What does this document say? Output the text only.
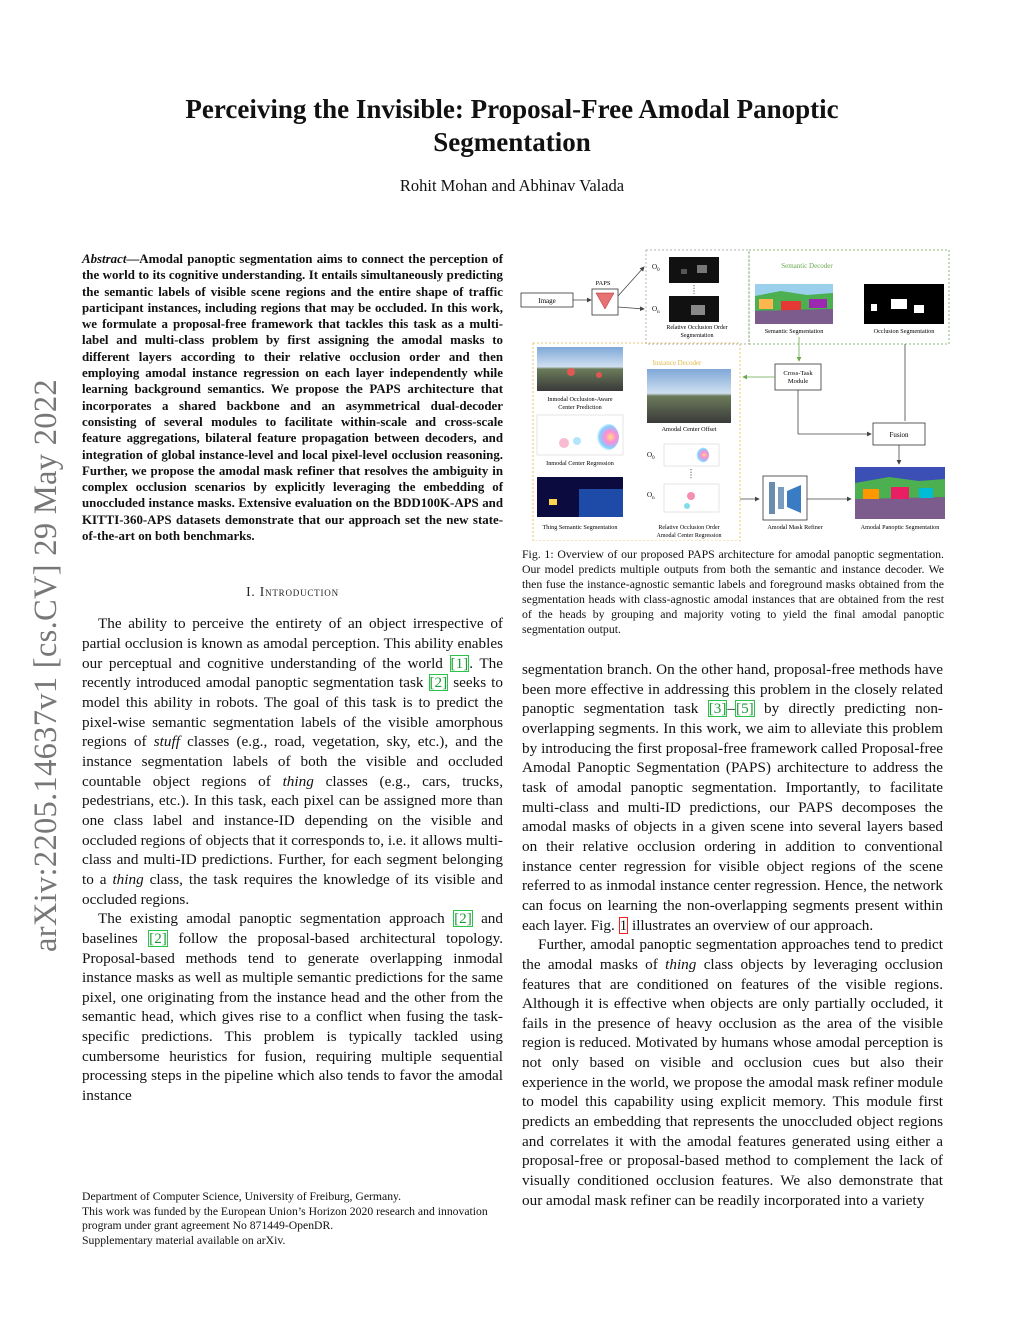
arXiv:2205.14637v1 [cs.CV] 29 May 2022
Perceiving the Invisible: Proposal-Free Amodal Panoptic
Segmentation

Rohit Mohan and Abhinav Valada

Abstract—Amodal panoptic segmentation aims to connect the perception of the world to its cognitive understanding. It entails simultaneously predicting the semantic labels of visible scene regions and the entire shape of traffic participant instances, including regions that may be occluded. In this work, we formulate a proposal-free framework that tackles this task as a multi-label and multi-class problem by first assigning the amodal masks to different layers according to their relative occlusion order and then employing amodal instance regression on each layer independently while learning background semantics. We propose the PAPS architecture that incorporates a shared backbone and an asymmetrical dual-decoder consisting of several modules to facilitate within-scale and cross-scale feature aggregations, bilateral feature propagation between decoders, and integration of global instance-level and local pixel-level occlusion reasoning. Further, we propose the amodal mask refiner that resolves the ambiguity in complex occlusion scenarios by explicitly leveraging the embedding of unoccluded instance masks. Extensive evaluation on the BDD100K-APS and KITTI-360-APS datasets demonstrate that our approach set the new state-of-the-art on both benchmarks.

I. Introduction

The ability to perceive the entirety of an object irrespective of partial occlusion is known as amodal perception. This ability enables our perceptual and cognitive understanding of the world [1]. The recently introduced amodal panoptic segmentation task [2] seeks to model this ability in robots. The goal of this task is to predict the pixel-wise semantic segmentation labels of the visible amorphous regions of stuff classes (e.g., road, vegetation, sky, etc.), and the instance segmentation labels of both the visible and occluded countable object regions of thing classes (e.g., cars, trucks, pedestrians, etc.). In this task, each pixel can be assigned more than one class label and instance-ID depending on the visible and occluded regions of objects that it corresponds to, i.e. it allows multi-class and multi-ID predictions. Further, for each segment belonging to a thing class, the task requires the knowledge of its visible and occluded regions.

The existing amodal panoptic segmentation approach [2] and baselines [2] follow the proposal-based architectural topology. Proposal-based methods tend to generate overlapping inmodal instance masks as well as multiple semantic predictions for the same pixel, one originating from the instance head and the other from the semantic head, which gives rise to a conflict when fusing the task-specific predictions. This problem is typically tackled using cumbersome heuristics for fusion, requiring multiple sequential processing steps in the pipeline which also tends to favor the amodal instance

Department of Computer Science, University of Freiburg, Germany.
This work was funded by the European Union’s Horizon 2020 research and innovation program under grant agreement No 871449-OpenDR.
Supplementary material available on arXiv.
Image
PAPS
$O_0$
$O_n$
Relative Occlusion Order
Segmentation
Semantic Decoder
Semantic Segmentation	Occlusion Segmentation
Cross-Task
Module
Fusion
Instance Decoder
Inmodal Occlusion-Aware
Center Prediction
Amodal Center Offset
Inmodal Center Regression
$O_0$
$O_n$
Relative Occlusion Order
Amodal Center Regression
Thing Semantic Segmentation	Amodal Mask Refiner	Amodal Panoptic Segmentation

Fig. 1: Overview of our proposed PAPS architecture for amodal panoptic segmentation. Our model predicts multiple outputs from both the semantic and instance decoder. We then fuse the instance-agnostic semantic labels and foreground masks obtained from the segmentation heads with class-agnostic amodal instances that are obtained from the rest of the heads by grouping and majority voting to yield the final amodal panoptic segmentation output.

segmentation branch. On the other hand, proposal-free methods have been more effective in addressing this problem in the closely related panoptic segmentation task [3]–[5] by directly predicting non-overlapping segments. In this work, we aim to alleviate this problem by introducing the first proposal-free framework called Proposal-free Amodal Panoptic Segmentation (PAPS) architecture to address the task of amodal panoptic segmentation. Importantly, to facilitate multi-class and multi-ID predictions, our PAPS decomposes the amodal masks of objects in a given scene into several layers based on their relative occlusion ordering in addition to conventional instance center regression for visible object regions of the scene referred to as inmodal instance center regression. Hence, the network can focus on learning the non-overlapping segments present within each layer. Fig. 1 illustrates an overview of our approach.

Further, amodal panoptic segmentation approaches tend to predict the amodal masks of thing class objects by leveraging occlusion features that are conditioned on features of the visible regions. Although it is effective when objects are only partially occluded, it fails in the presence of heavy occlusion as the area of the visible region is reduced. Motivated by humans whose amodal perception is not only based on visible and occlusion cues but also their experience in the world, we propose the amodal mask refiner module to model this capability using explicit memory. This module first predicts an embedding that represents the unoccluded object regions and correlates it with the amodal features generated using either a proposal-free or proposal-based method to complement the lack of visually conditioned occlusion features. We also demonstrate that our amodal mask refiner can be readily incorporated into a variety
